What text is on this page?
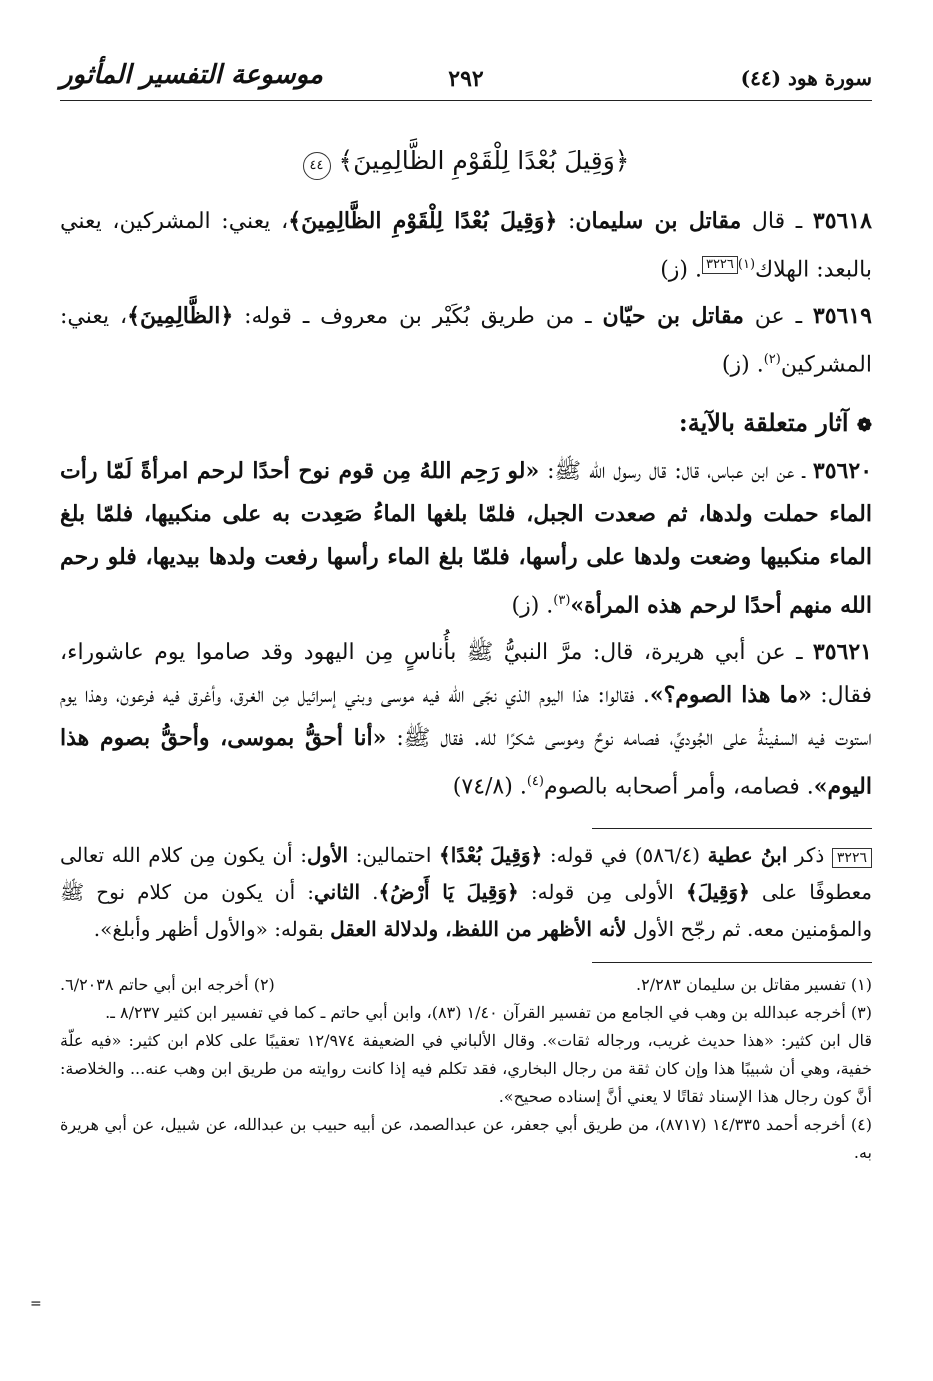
سورة هود (٤٤)
٢٩٢
موسوعة التفسير المأثور
﴿وَقِيلَ بُعْدًا لِلْقَوْمِ الظَّالِمِينَ﴾ ٤٤

٣٥٦١٨ ـ قال مقاتل بن سليمان: ﴿وَقِيلَ بُعْدًا لِلْقَوْمِ الظَّالِمِينَ﴾، يعني: المشركين، يعني بالبعد: الهلاك$^{(١)}$٣٢٢٦. (ز)

٣٥٦١٩ ـ عن مقاتل بن حيّان ـ من طريق بُكَيْر بن معروف ـ قوله: ﴿الظَّالِمِينَ﴾، يعني: المشركين$^{(٢)}$. (ز)

❁ آثار متعلقة بالآية:

٣٥٦٢٠ ـ عن ابن عباس، قال: قال رسول الله ﷺ: «لو رَحِم اللهُ مِن قوم نوح أحدًا لرحم امرأةً لَمّا رأت الماء حملت ولدها، ثم صعدت الجبل، فلمّا بلغها الماءُ صَعِدت به على منكبيها، فلمّا بلغ الماء منكبيها وضعت ولدها على رأسها، فلمّا بلغ الماء رأسها رفعت ولدها بيديها، فلو رحم الله منهم أحدًا لرحم هذه المرأة»$^{(٣)}$. (ز)

٣٥٦٢١ ـ عن أبي هريرة، قال: مرَّ النبيُّ ﷺ بأُناسٍ مِن اليهود وقد صاموا يوم عاشوراء، فقال: «ما هذا الصوم؟». فقالوا: هذا اليوم الذي نجّى الله فيه موسى وبني إسرائيل مِن الغرق، وأغرق فيه فرعون، وهذا يوم استوت فيه السفينةُ على الجُوديِّ، فصامه نوحٌ وموسى شكرًا لله. فقال ﷺ: «أنا أحقُّ بموسى، وأحقُّ بصوم هذا اليوم». فصامه، وأمر أصحابه بالصوم$^{(٤)}$. (٧٤/٨)

٣٢٢٦ ذكر ابنُ عطية (٥٨٦/٤) في قوله: ﴿وَقِيلَ بُعْدًا﴾ احتمالين: الأول: أن يكون مِن كلام الله تعالى معطوفًا على ﴿وَقِيلَ﴾ الأولى مِن قوله: ﴿وَقِيلَ يَا أَرْضُ﴾. الثاني: أن يكون من كلام نوح ﷺ والمؤمنين معه. ثم رجّح الأول لأنه الأظهر من اللفظ، ولدلالة العقل بقوله: «والأول أظهر وأبلغ».
(١) تفسير مقاتل بن سليمان ٢/٢٨٣.
(٢) أخرجه ابن أبي حاتم ٦/٢٠٣٨.
(٣) أخرجه عبدالله بن وهب في الجامع من تفسير القرآن ١/٤٠ (٨٣)، وابن أبي حاتم ـ كما في تفسير ابن كثير ٨/٢٣٧ ـ.
قال ابن كثير: «هذا حديث غريب، ورجاله ثقات». وقال الألباني في الضعيفة ١٢/٩٧٤ تعقيبًا على كلام ابن كثير: «فيه علّة خفية، وهي أن شبيبًا هذا وإن كان ثقة من رجال البخاري، فقد تكلم فيه إذا كانت روايته من طريق ابن وهب عنه... والخلاصة: أنَّ كون رجال هذا الإسناد ثقاتًا لا يعني أنَّ إسناده صحيح».
(٤) أخرجه أحمد ١٤/٣٣٥ (٨٧١٧)، من طريق أبي جعفر، عن عبدالصمد، عن أبيه حبيب بن عبدالله، عن شبيل، عن أبي هريرة به.
=
